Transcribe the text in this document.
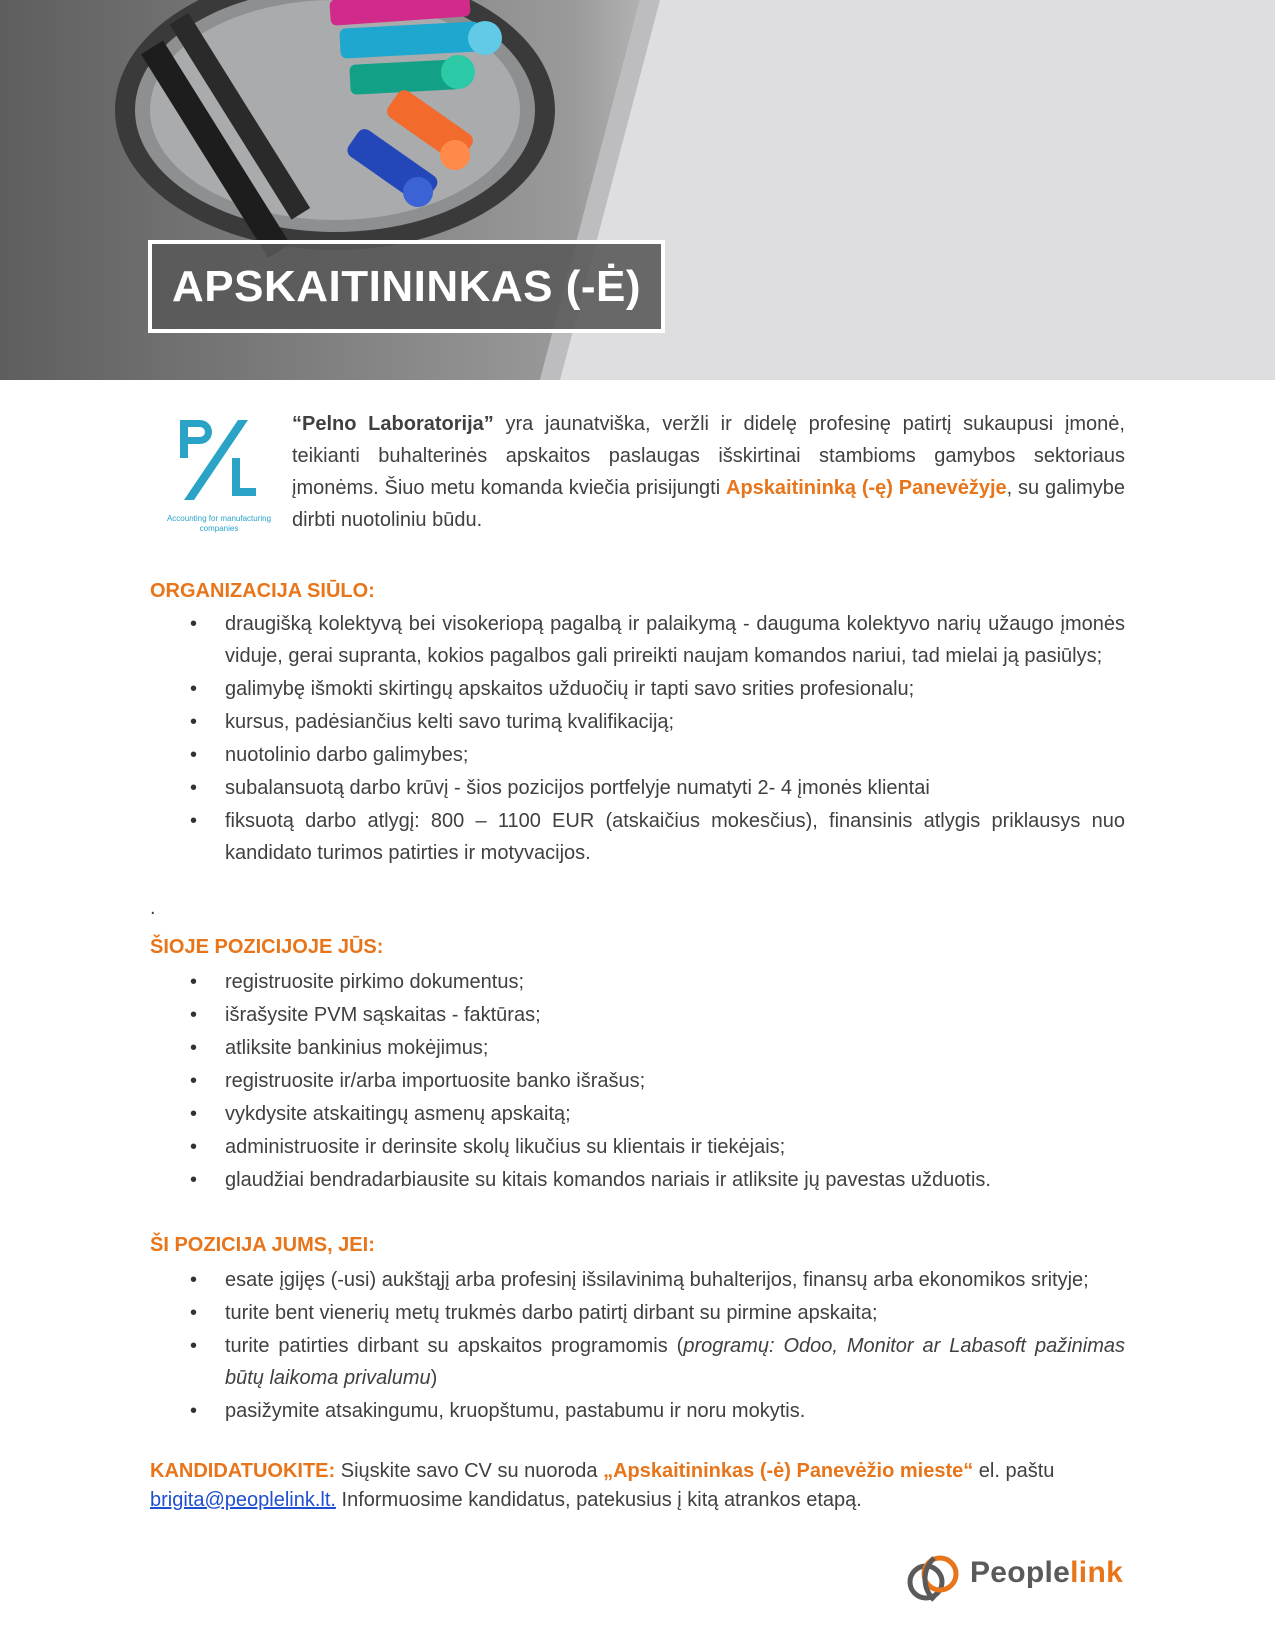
APSKAITININKAS (-Ė)
Accounting for manufacturing companies

“Pelno Laboratorija” yra jaunatviška, veržli ir didelę profesinę patirtį sukaupusi įmonė, teikianti buhalterinės apskaitos paslaugas išskirtinai stambioms gamybos sektoriaus įmonėms. Šiuo metu komanda kviečia prisijungti Apskaitininką (-ę) Panevėžyje, su galimybe dirbti nuotoliniu būdu.

ORGANIZACIJA SIŪLO:
• draugišką kolektyvą bei visokeriopą pagalbą ir palaikymą - dauguma kolektyvo narių užaugo įmonės viduje, gerai supranta, kokios pagalbos gali prireikti naujam komandos nariui, tad mielai ją pasiūlys;
• galimybę išmokti skirtingų apskaitos užduočių ir tapti savo srities profesionalu;
• kursus, padėsiančius kelti savo turimą kvalifikaciją;
• nuotolinio darbo galimybes;
• subalansuotą darbo krūvį - šios pozicijos portfelyje numatyti 2- 4 įmonės klientai
• fiksuotą darbo atlygį: 800 – 1100 EUR (atskaičius mokesčius), finansinis atlygis priklausys nuo kandidato turimos patirties ir motyvacijos.
.
ŠIOJE POZICIJOJE JŪS:
• registruosite pirkimo dokumentus;
• išrašysite PVM sąskaitas - faktūras;
• atliksite bankinius mokėjimus;
• registruosite ir/arba importuosite banko išrašus;
• vykdysite atskaitingų asmenų apskaitą;
• administruosite ir derinsite skolų likučius su klientais ir tiekėjais;
• glaudžiai bendradarbiausite su kitais komandos nariais ir atliksite jų pavestas užduotis.
ŠI POZICIJA JUMS, JEI:
• esate įgijęs (-usi) aukštąjį arba profesinį išsilavinimą buhalterijos, finansų arba ekonomikos srityje;
• turite bent vienerių metų trukmės darbo patirtį dirbant su pirmine apskaita;
• turite patirties dirbant su apskaitos programomis (programų: Odoo, Monitor ar Labasoft pažinimas būtų laikoma privalumu)
• pasižymite atsakingumu, kruopštumu, pastabumu ir noru mokytis.

KANDIDATUOKITE: Siųskite savo CV su nuoroda „Apskaitininkas (-ė) Panevėžio mieste“ el. paštu
brigita@peoplelink.lt. Informuosime kandidatus, patekusius į kitą atrankos etapą.

Peoplelink
